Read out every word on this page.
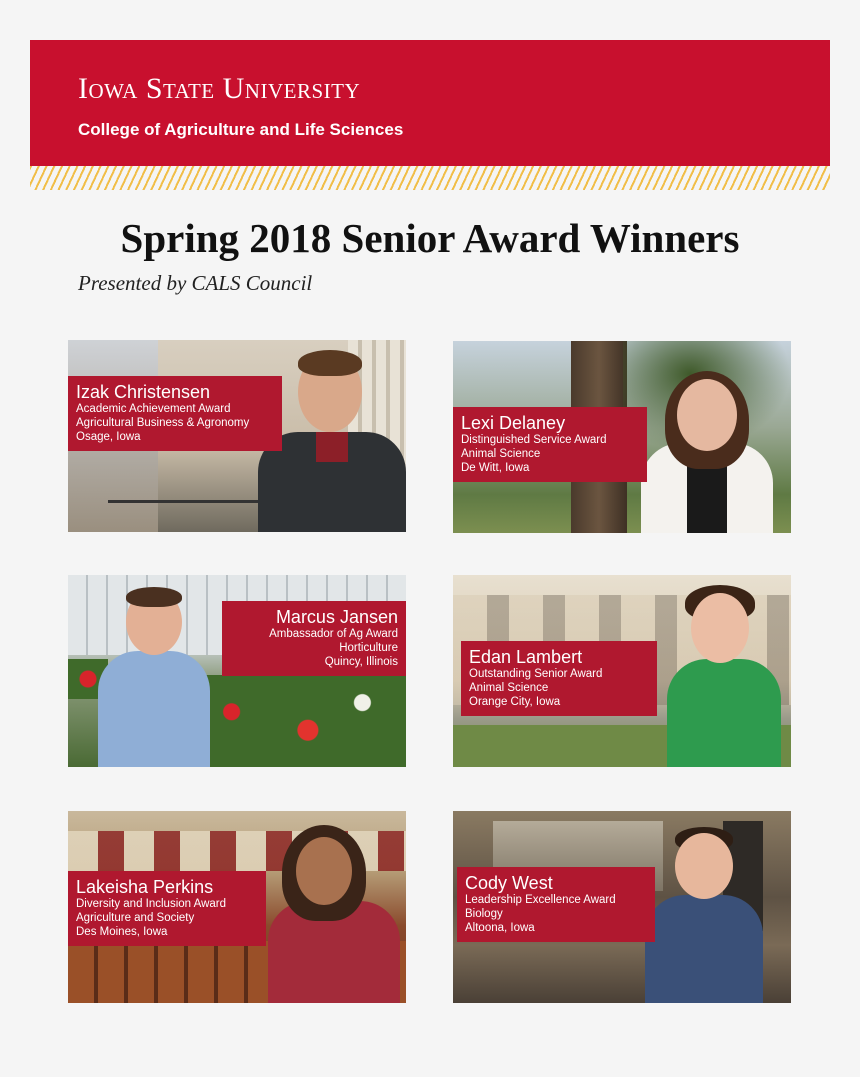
Iowa State University
College of Agriculture and Life Sciences
Spring 2018 Senior Award Winners
Presented by CALS Council
Izak Christensen
Academic Achievement Award
Agricultural Business & Agronomy
Osage, Iowa
Lexi Delaney
Distinguished Service Award
Animal Science
De Witt, Iowa
Marcus Jansen
Ambassador of Ag Award
Horticulture
Quincy, Illinois	Edan Lambert
Outstanding Senior Award
Animal Science
Orange City, Iowa
Lakeisha Perkins
Diversity and Inclusion Award
Agriculture and Society
Des Moines, Iowa
Cody West
Leadership Excellence Award
Biology
Altoona, Iowa
